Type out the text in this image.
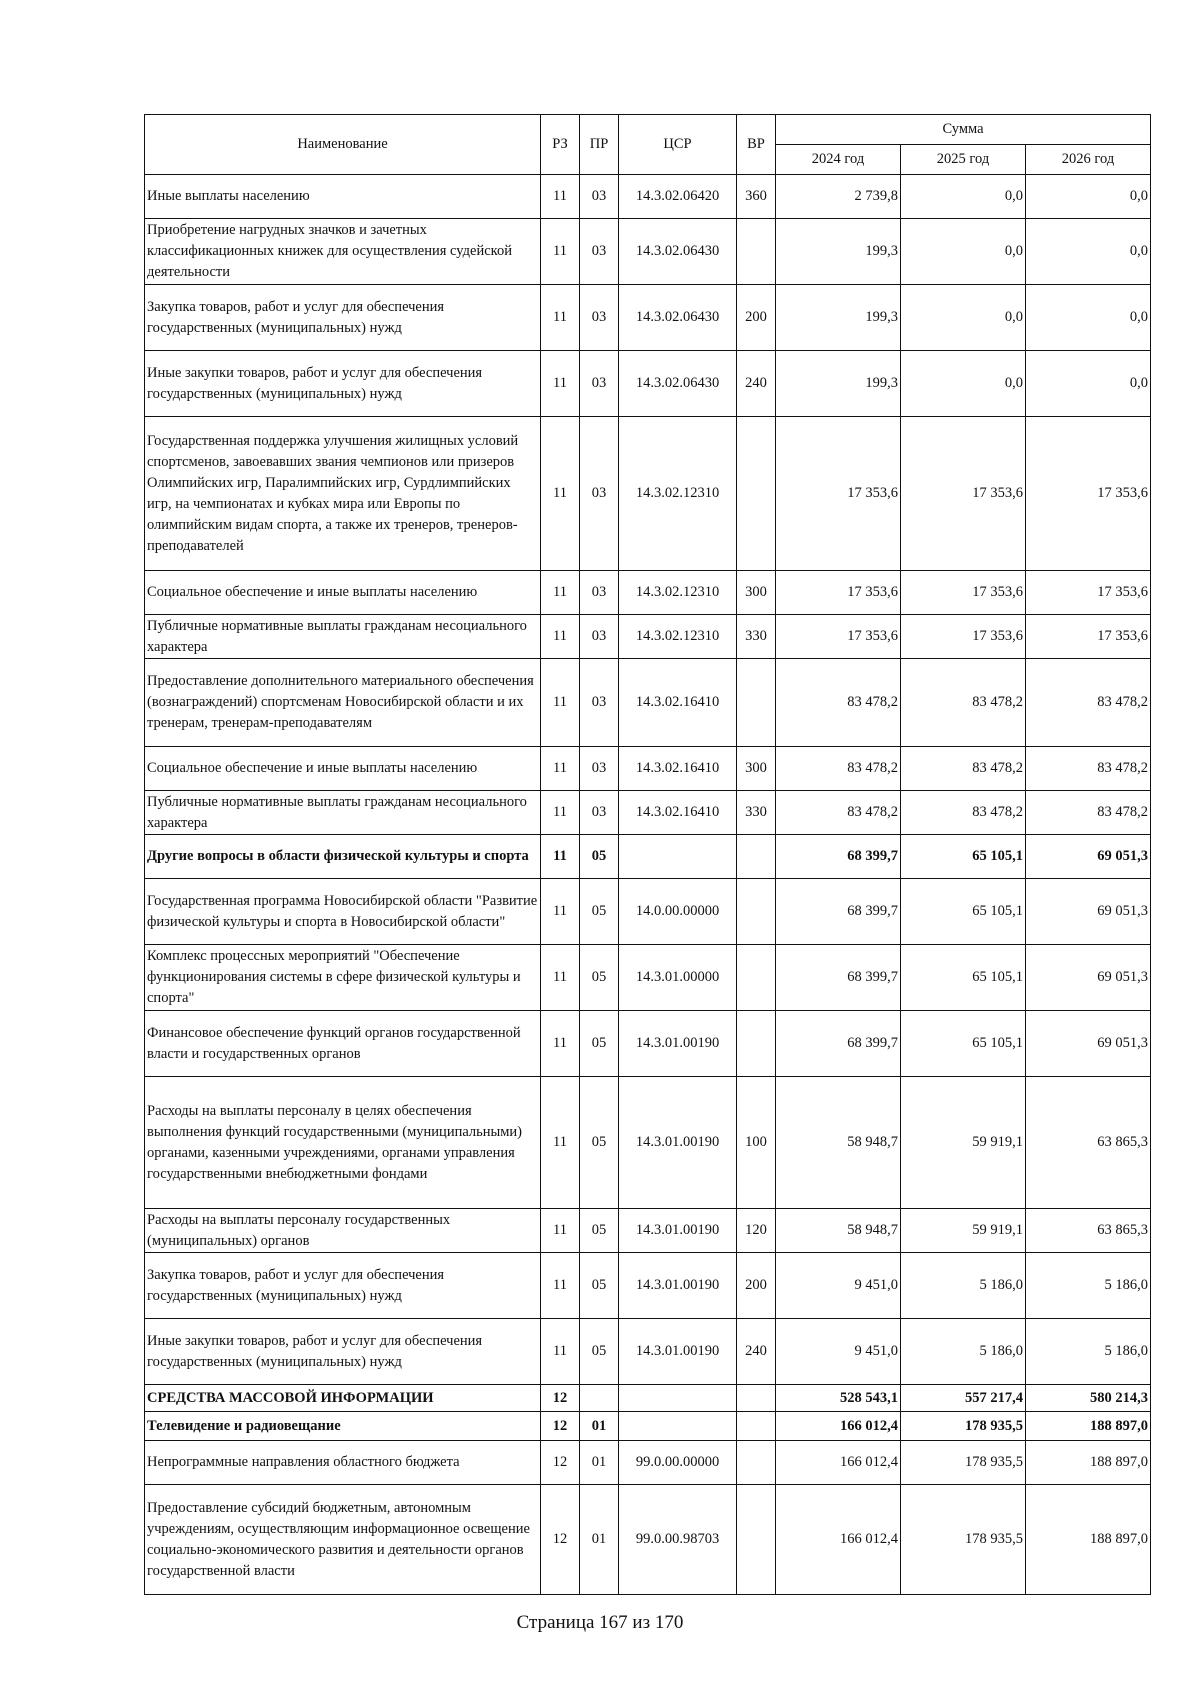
Наименование	РЗ	ПР	ЦСР	ВР	Сумма		
					2024 год	2025 год	2026 год
Иные выплаты населению	11	03	14.3.02.06420	360	2 739,8	0,0	0,0
Приобретение нагрудных значков и зачетных классификационных книжек для осуществления судейской деятельности	11	03	14.3.02.06430		199,3	0,0	0,0
Закупка товаров, работ и услуг для обеспечения государственных (муниципальных) нужд	11	03	14.3.02.06430	200	199,3	0,0	0,0
Иные закупки товаров, работ и услуг для обеспечения государственных (муниципальных) нужд	11	03	14.3.02.06430	240	199,3	0,0	0,0
Государственная поддержка улучшения жилищных условий спортсменов, завоевавших звания чемпионов или призеров Олимпийских игр, Паралимпийских игр, Сурдлимпийских игр, на чемпионатах и кубках мира или Европы по олимпийским видам спорта, а также их тренеров, тренеров-преподавателей	11	03	14.3.02.12310		17 353,6	17 353,6	17 353,6
Социальное обеспечение и иные выплаты населению	11	03	14.3.02.12310	300	17 353,6	17 353,6	17 353,6
Публичные нормативные выплаты гражданам несоциального характера	11	03	14.3.02.12310	330	17 353,6	17 353,6	17 353,6
Предоставление дополнительного материального обеспечения (вознаграждений) спортсменам Новосибирской области и их тренерам, тренерам-преподавателям	11	03	14.3.02.16410		83 478,2	83 478,2	83 478,2
Социальное обеспечение и иные выплаты населению	11	03	14.3.02.16410	300	83 478,2	83 478,2	83 478,2
Публичные нормативные выплаты гражданам несоциального характера	11	03	14.3.02.16410	330	83 478,2	83 478,2	83 478,2
Другие вопросы в области физической культуры и спорта	11	05			68 399,7	65 105,1	69 051,3
Государственная программа Новосибирской области "Развитие физической культуры и спорта в Новосибирской области"	11	05	14.0.00.00000		68 399,7	65 105,1	69 051,3
Комплекс процессных мероприятий "Обеспечение функционирования системы в сфере физической культуры и спорта"	11	05	14.3.01.00000		68 399,7	65 105,1	69 051,3
Финансовое обеспечение функций органов государственной власти и государственных органов	11	05	14.3.01.00190		68 399,7	65 105,1	69 051,3
Расходы на выплаты персоналу в целях обеспечения выполнения функций государственными (муниципальными) органами, казенными учреждениями, органами управления государственными внебюджетными фондами	11	05	14.3.01.00190	100	58 948,7	59 919,1	63 865,3
Расходы на выплаты персоналу государственных (муниципальных) органов	11	05	14.3.01.00190	120	58 948,7	59 919,1	63 865,3
Закупка товаров, работ и услуг для обеспечения государственных (муниципальных) нужд	11	05	14.3.01.00190	200	9 451,0	5 186,0	5 186,0
Иные закупки товаров, работ и услуг для обеспечения государственных (муниципальных) нужд	11	05	14.3.01.00190	240	9 451,0	5 186,0	5 186,0
СРЕДСТВА МАССОВОЙ ИНФОРМАЦИИ	12				528 543,1	557 217,4	580 214,3
Телевидение и радиовещание	12	01			166 012,4	178 935,5	188 897,0
Непрограммные направления областного бюджета	12	01	99.0.00.00000		166 012,4	178 935,5	188 897,0
Предоставление субсидий бюджетным, автономным учреждениям, осуществляющим информационное освещение социально-экономического развития и деятельности органов государственной власти	12	01	99.0.00.98703		166 012,4	178 935,5	188 897,0
Страница 167 из 170
